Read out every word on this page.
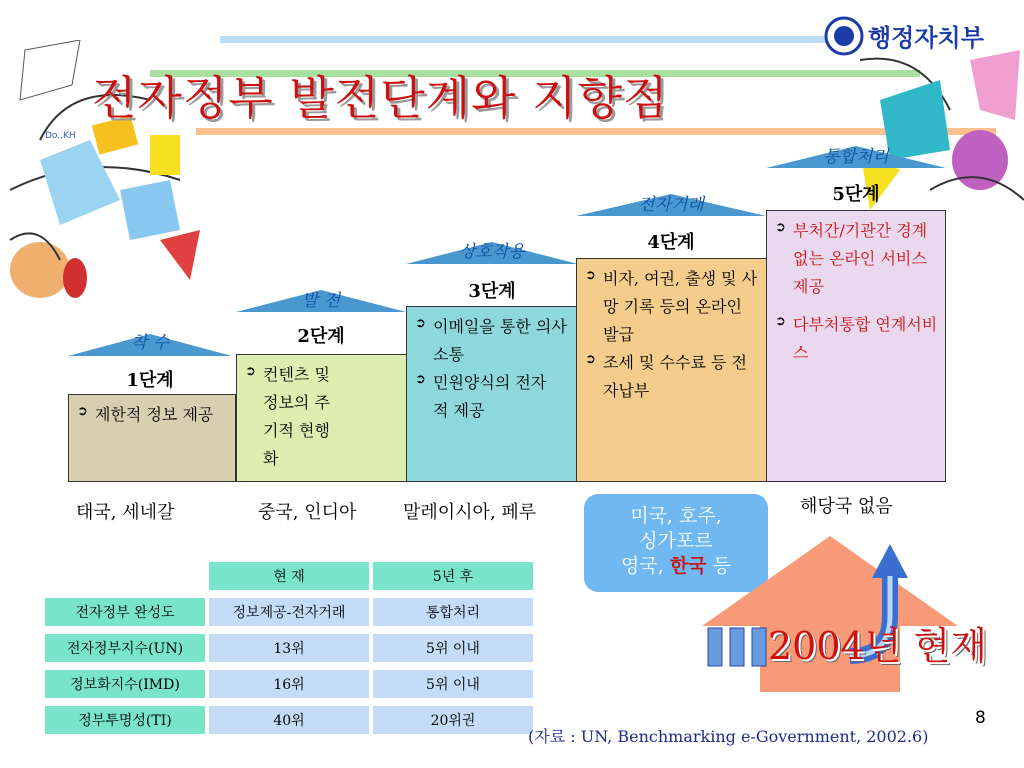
행정자치부
전자정부 발전단계와 지향점
Do.,KH
착 수
1단계
발 전
2단계
상호작용
3단계
전자거래
4단계
통합처리
5단계
➲ 제한적 정보 제공
➲ 컨텐츠 및 정보의 주기적 현행화
➲ 이메일을 통한 의사 소통
➲ 민원양식의 전자적 제공
➲ 비자, 여권, 출생 및 사망 기록 등의 온라인 발급
➲ 조세 및 수수료 등 전자납부
➲ 부처간/기관간 경계 없는 온라인 서비스 제공
➲ 다부처통합 연계서비스
태국, 세네갈	중국, 인디아	말레이시아, 페루	해당국 없음
미국, 호주,
싱가포르
영국, 한국 등
2004년 현재
	현 재	5년 후
전자정부 완성도	정보제공-전자거래	통합처리
전자정부지수(UN)	13위	5위 이내
정보화지수(IMD)	16위	5위 이내
정부투명성(TI)	40위	20위권
(자료 : UN, Benchmarking e-Government, 2002.6)
8
